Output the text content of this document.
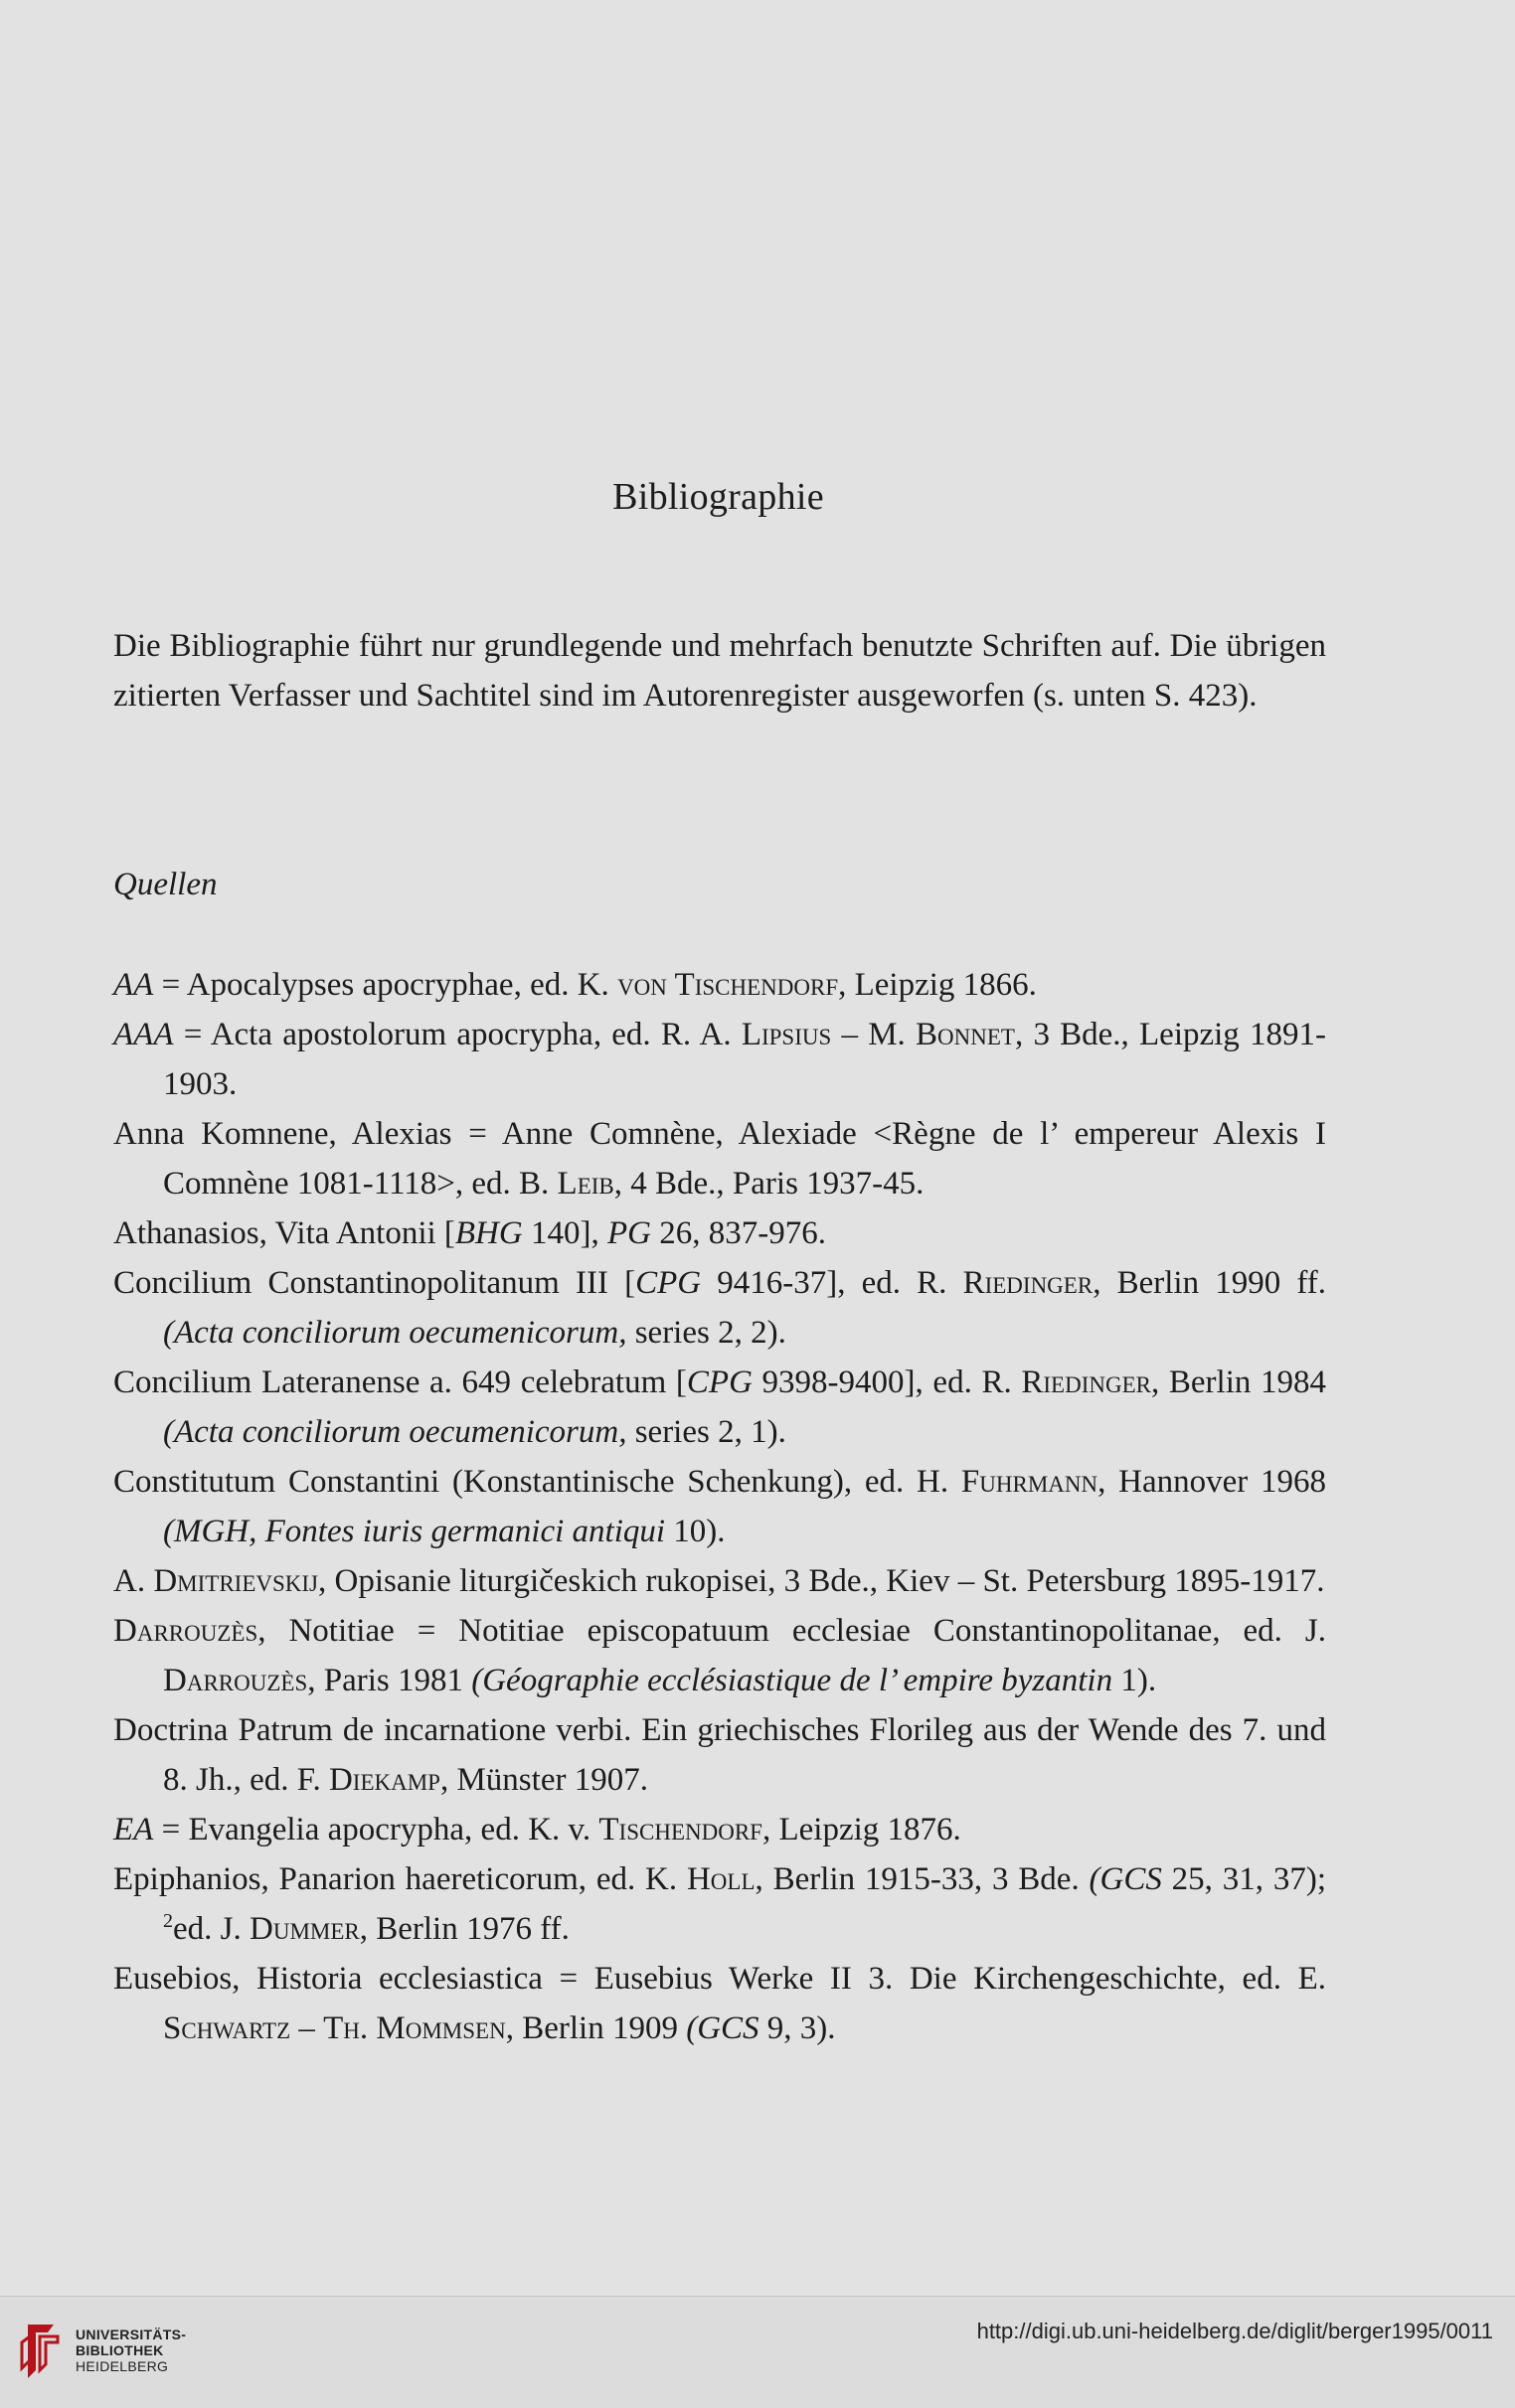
Bibliographie

Die Bibliographie führt nur grundlegende und mehrfach benutzte Schriften auf. Die übrigen zitierten Verfasser und Sachtitel sind im Autorenregister ausgeworfen (s. unten S. 423).

Quellen

AA = Apocalypses apocryphae, ed. K. von Tischendorf, Leipzig 1866.

AAA = Acta apostolorum apocrypha, ed. R. A. Lipsius – M. Bonnet, 3 Bde., Leipzig 1891-1903.

Anna Komnene, Alexias = Anne Comnène, Alexiade <Règne de l’ empereur Alexis I Comnène 1081-1118>, ed. B. Leib, 4 Bde., Paris 1937-45.

Athanasios, Vita Antonii [BHG 140], PG 26, 837-976.

Concilium Constantinopolitanum III [CPG 9416-37], ed. R. Riedinger, Berlin 1990 ff. (Acta conciliorum oecumenicorum, series 2, 2).

Concilium Lateranense a. 649 celebratum [CPG 9398-9400], ed. R. Riedinger, Berlin 1984 (Acta conciliorum oecumenicorum, series 2, 1).

Constitutum Constantini (Konstantinische Schenkung), ed. H. Fuhrmann, Hannover 1968 (MGH, Fontes iuris germanici antiqui 10).

A. Dmitrievskij, Opisanie liturgičeskich rukopisei, 3 Bde., Kiev – St. Petersburg 1895-1917.

Darrouzès, Notitiae = Notitiae episcopatuum ecclesiae Constantinopolitanae, ed. J. Darrouzès, Paris 1981 (Géographie ecclésiastique de l’ empire byzantin 1).

Doctrina Patrum de incarnatione verbi. Ein griechisches Florileg aus der Wende des 7. und 8. Jh., ed. F. Diekamp, Münster 1907.

EA = Evangelia apocrypha, ed. K. v. Tischendorf, Leipzig 1876.

Epiphanios, Panarion haereticorum, ed. K. Holl, Berlin 1915-33, 3 Bde. (GCS 25, 31, 37); $^2$ed. J. Dummer, Berlin 1976 ff.

Eusebios, Historia ecclesiastica = Eusebius Werke II 3. Die Kirchengeschichte, ed. E. Schwartz – Th. Mommsen, Berlin 1909 (GCS 9, 3).

UNIVERSITÄTS-
BIBLIOTHEK
HEIDELBERG
http://digi.ub.uni-heidelberg.de/diglit/berger1995/0011
